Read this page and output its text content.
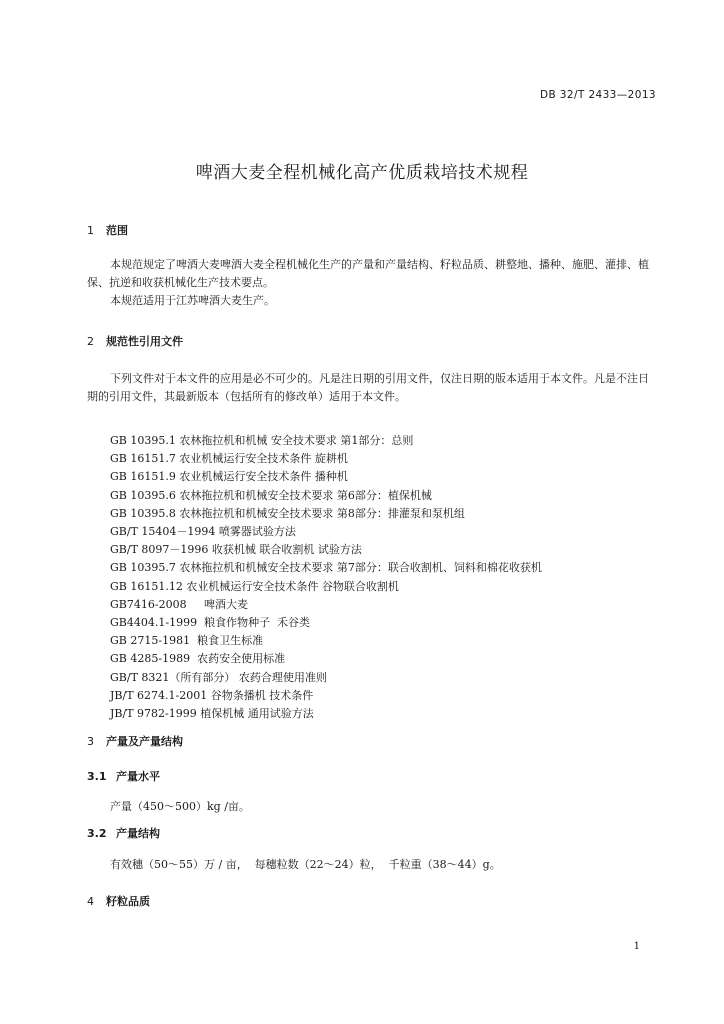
DB 32/T 2433—2013
啤酒大麦全程机械化高产优质栽培技术规程
1 范围
本规范规定了啤酒大麦啤酒大麦全程机械化生产的产量和产量结构、籽粒品质、耕整地、播种、施肥、灌排、植保、抗逆和收获机械化生产技术要点。
本规范适用于江苏啤酒大麦生产。
2 规范性引用文件
下列文件对于本文件的应用是必不可少的。凡是注日期的引用文件，仅注日期的版本适用于本文件。凡是不注日期的引用文件，其最新版本（包括所有的修改单）适用于本文件。
GB 10395.1 农林拖拉机和机械 安全技术要求 第1部分：总则
GB 16151.7 农业机械运行安全技术条件 旋耕机
GB 16151.9 农业机械运行安全技术条件 播种机
GB 10395.6 农林拖拉机和机械安全技术要求 第6部分：植保机械
GB 10395.8 农林拖拉机和机械安全技术要求 第8部分：排灌泵和泵机组
GB/T 15404－1994 喷雾器试验方法
GB/T 8097－1996 收获机械 联合收割机 试验方法
GB 10395.7 农林拖拉机和机械安全技术要求 第7部分：联合收割机、饲料和棉花收获机
GB 16151.12 农业机械运行安全技术条件 谷物联合收割机
GB7416-2008     啤酒大麦
GB4404.1-1999  粮食作物种子  禾谷类
GB 2715-1981  粮食卫生标准
GB 4285-1989  农药安全使用标准
GB/T 8321（所有部分） 农药合理使用准则
JB/T 6274.1-2001 谷物条播机 技术条件
JB/T 9782-1999 植保机械 通用试验方法
3 产量及产量结构
3.1 产量水平
产量（450～500）kg /亩。
3.2 产量结构
有效穗（50～55）万 / 亩，  每穗粒数（22～24）粒，  千粒重（38～44）g。
4 籽粒品质
1
